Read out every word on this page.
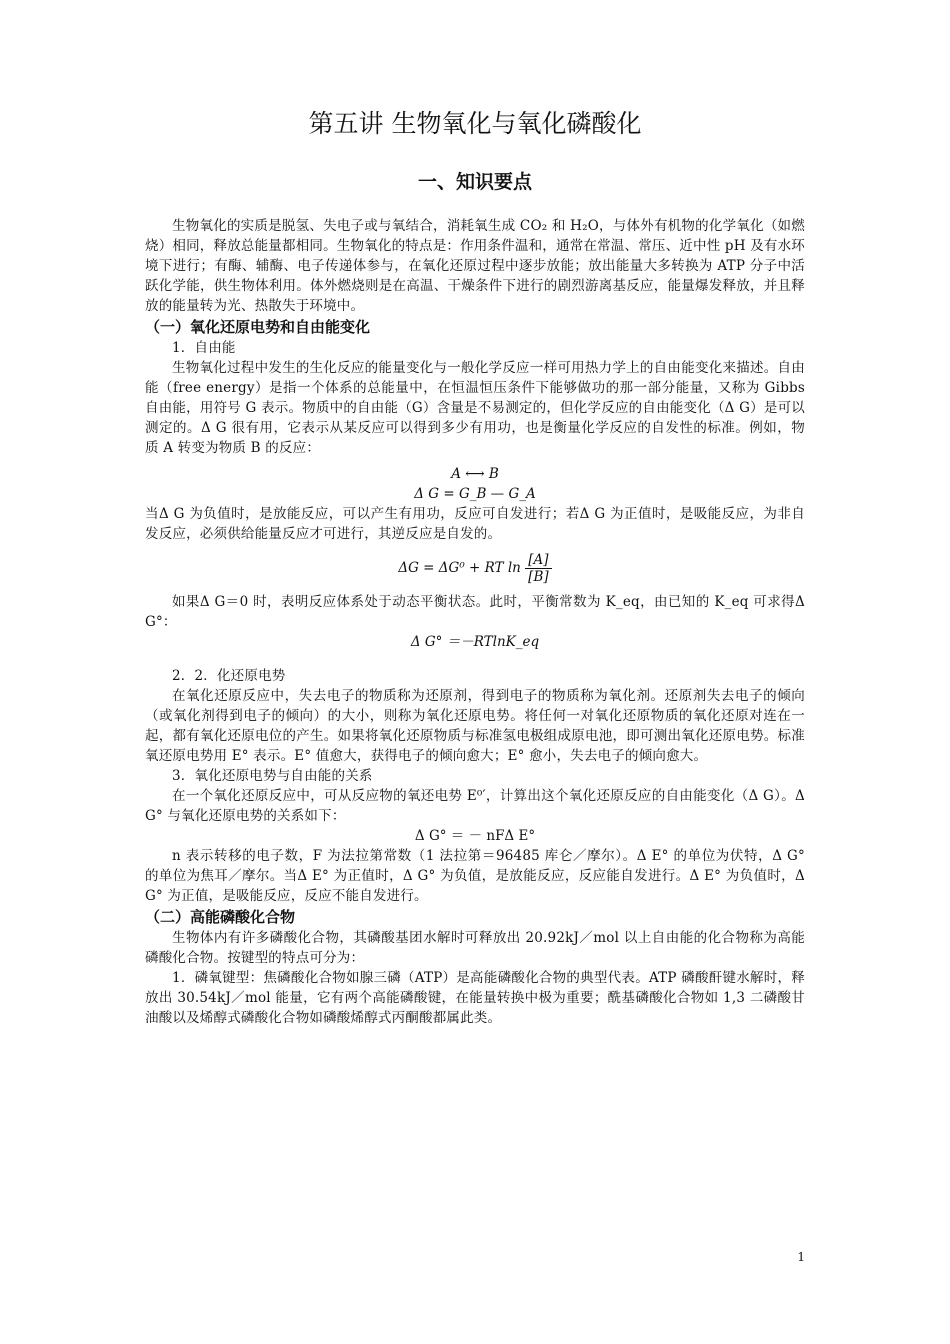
第五讲 生物氧化与氧化磷酸化
一、知识要点

生物氧化的实质是脱氢、失电子或与氧结合，消耗氧生成 CO₂ 和 H₂O，与体外有机物的化学氧化（如燃烧）相同，释放总能量都相同。生物氧化的特点是：作用条件温和，通常在常温、常压、近中性 pH 及有水环境下进行；有酶、辅酶、电子传递体参与，在氧化还原过程中逐步放能；放出能量大多转换为 ATP 分子中活跃化学能，供生物体利用。体外燃烧则是在高温、干燥条件下进行的剧烈游离基反应，能量爆发释放，并且释放的能量转为光、热散失于环境中。

（一）氧化还原电势和自由能变化

1．自由能

生物氧化过程中发生的生化反应的能量变化与一般化学反应一样可用热力学上的自由能变化来描述。自由能（free energy）是指一个体系的总能量中，在恒温恒压条件下能够做功的那一部分能量，又称为 Gibbs 自由能，用符号 G 表示。物质中的自由能（G）含量是不易测定的，但化学反应的自由能变化（Δ G）是可以测定的。Δ G 很有用，它表示从某反应可以得到多少有用功，也是衡量化学反应的自发性的标准。例如，物质 A 转变为物质 B 的反应：

A ⟷ B

Δ G = G_B — G_A

当Δ G 为负值时，是放能反应，可以产生有用功，反应可自发进行；若Δ G 为正值时，是吸能反应，为非自发反应，必须供给能量反应才可进行，其逆反应是自发的。

ΔG = ΔG⁰ + RT $\ln \frac{[A]}{[B]}$

如果Δ G＝0 时，表明反应体系处于动态平衡状态。此时，平衡常数为 K_eq，由已知的 K_eq 可求得Δ G°：

Δ G° ＝－RTlnK_eq

2．2．化还原电势

在氧化还原反应中，失去电子的物质称为还原剂，得到电子的物质称为氧化剂。还原剂失去电子的倾向（或氧化剂得到电子的倾向）的大小，则称为氧化还原电势。将任何一对氧化还原物质的氧化还原对连在一起，都有氧化还原电位的产生。如果将氧化还原物质与标准氢电极组成原电池，即可测出氧化还原电势。标准氧还原电势用 E° 表示。E° 值愈大，获得电子的倾向愈大；E° 愈小，失去电子的倾向愈大。

3．氧化还原电势与自由能的关系

在一个氧化还原反应中，可从反应物的氧还电势 E⁰′，计算出这个氧化还原反应的自由能变化（Δ G）。Δ G° 与氧化还原电势的关系如下：

Δ G° ＝ － nFΔ E°

n 表示转移的电子数，F 为法拉第常数（1 法拉第＝96485 库仑／摩尔）。Δ E° 的单位为伏特，Δ G° 的单位为焦耳／摩尔。当Δ E° 为正值时，Δ G° 为负值，是放能反应，反应能自发进行。Δ E° 为负值时，Δ G° 为正值，是吸能反应，反应不能自发进行。

（二）高能磷酸化合物

生物体内有许多磷酸化合物，其磷酸基团水解时可释放出 20.92kJ／mol 以上自由能的化合物称为高能磷酸化合物。按键型的特点可分为：

1．磷氧键型：焦磷酸化合物如腺三磷（ATP）是高能磷酸化合物的典型代表。ATP 磷酸酐键水解时，释放出 30.54kJ／mol 能量，它有两个高能磷酸键，在能量转换中极为重要；酰基磷酸化合物如 1,3 二磷酸甘油酸以及烯醇式磷酸化合物如磷酸烯醇式丙酮酸都属此类。

1
